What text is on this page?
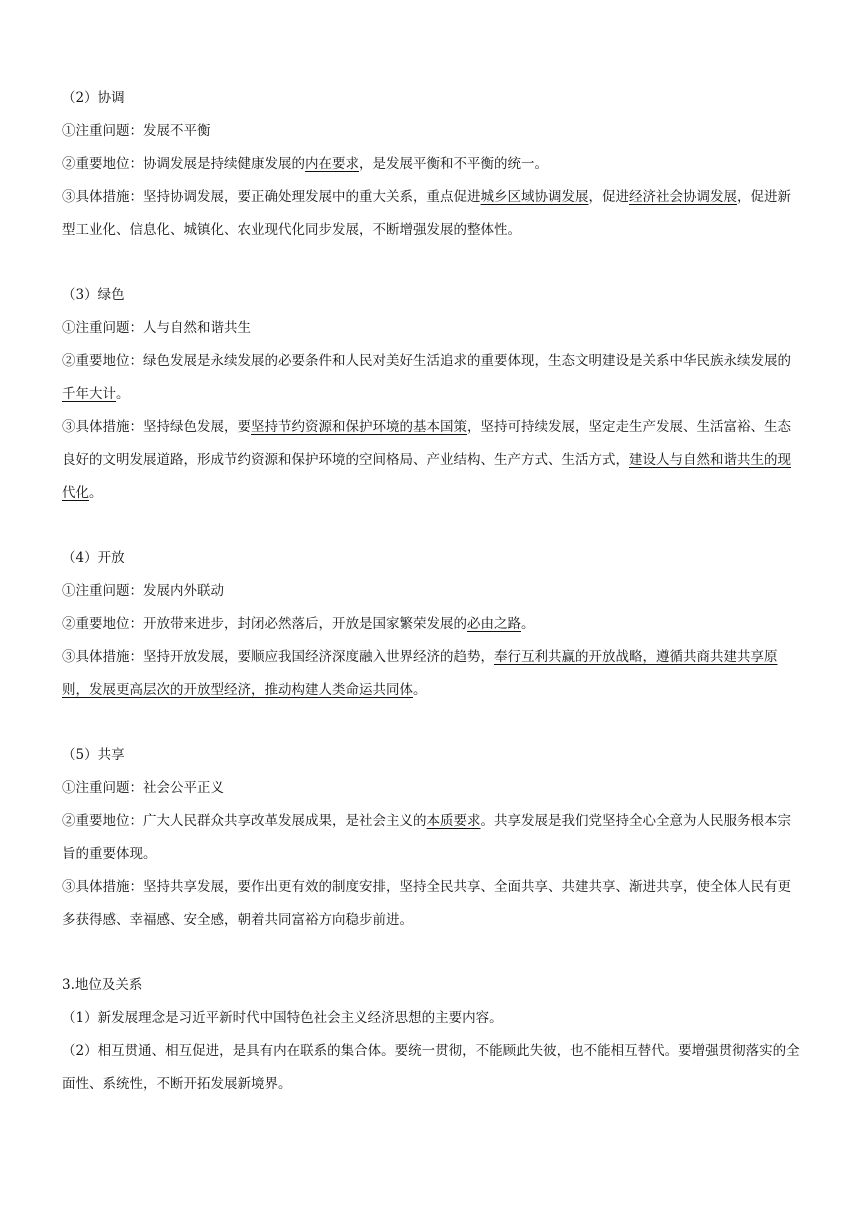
（2）协调

①注重问题：发展不平衡

②重要地位：协调发展是持续健康发展的内在要求，是发展平衡和不平衡的统一。

③具体措施：坚持协调发展，要正确处理发展中的重大关系，重点促进城乡区域协调发展，促进经济社会协调发展，促进新型工业化、信息化、城镇化、农业现代化同步发展，不断增强发展的整体性。

（3）绿色

①注重问题：人与自然和谐共生

②重要地位：绿色发展是永续发展的必要条件和人民对美好生活追求的重要体现，生态文明建设是关系中华民族永续发展的千年大计。

③具体措施：坚持绿色发展，要坚持节约资源和保护环境的基本国策，坚持可持续发展，坚定走生产发展、生活富裕、生态良好的文明发展道路，形成节约资源和保护环境的空间格局、产业结构、生产方式、生活方式，建设人与自然和谐共生的现代化。

（4）开放

①注重问题：发展内外联动

②重要地位：开放带来进步，封闭必然落后，开放是国家繁荣发展的必由之路。

③具体措施：坚持开放发展，要顺应我国经济深度融入世界经济的趋势，奉行互利共赢的开放战略，遵循共商共建共享原则，发展更高层次的开放型经济，推动构建人类命运共同体。

（5）共享

①注重问题：社会公平正义

②重要地位：广大人民群众共享改革发展成果，是社会主义的本质要求。共享发展是我们党坚持全心全意为人民服务根本宗旨的重要体现。

③具体措施：坚持共享发展，要作出更有效的制度安排，坚持全民共享、全面共享、共建共享、渐进共享，使全体人民有更多获得感、幸福感、安全感，朝着共同富裕方向稳步前进。

3.地位及关系

（1）新发展理念是习近平新时代中国特色社会主义经济思想的主要内容。

（2）相互贯通、相互促进，是具有内在联系的集合体。要统一贯彻，不能顾此失彼，也不能相互替代。要增强贯彻落实的全面性、系统性，不断开拓发展新境界。
